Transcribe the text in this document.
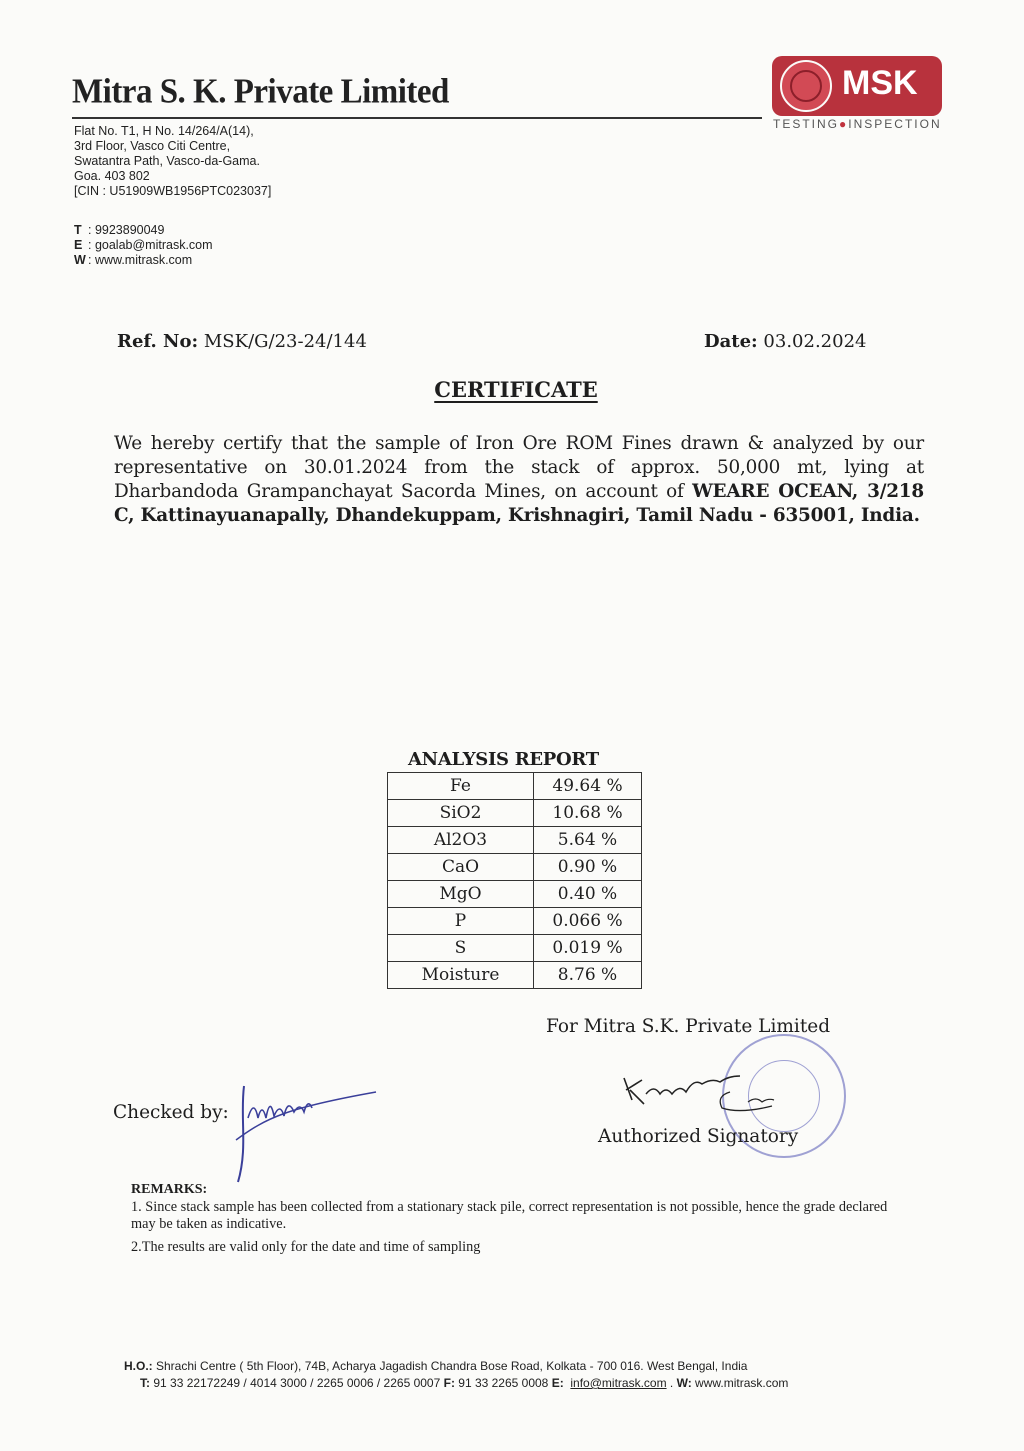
Mitra S. K. Private Limited
Flat No. T1, H No. 14/264/A(14),
3rd Floor, Vasco Citi Centre,
Swatantra Path, Vasco-da-Gama.
Goa. 403 802
[CIN : U51909WB1956PTC023037]
T : 9923890049
E : goalab@mitrask.com
W : www.mitrask.com
MSK
TESTING●INSPECTION
Ref. No: MSK/G/23-24/144	Date: 03.02.2024
CERTIFICATE
We hereby certify that the sample of Iron Ore ROM Fines drawn & analyzed by our representative on 30.01.2024 from the stack of approx. 50,000 mt, lying at Dharbandoda Grampanchayat Sacorda Mines, on account of WEARE OCEAN, 3/218 C, Kattinayuanapally, Dhandekuppam, Krishnagiri, Tamil Nadu - 635001, India.
ANALYSIS REPORT
Fe	49.64 %
SiO2	10.68 %
Al2O3	5.64 %
CaO	0.90 %
MgO	0.40 %
P	0.066 %
S	0.019 %
Moisture	8.76 %
For Mitra S.K. Private Limited
Checked by:
Authorized Signatory
REMARKS:

1. Since stack sample has been collected from a stationary stack pile, correct representation is not possible, hence the grade declared may be taken as indicative.

2.The results are valid only for the date and time of sampling

H.O.: Shrachi Centre ( 5th Floor), 74B, Acharya Jagadish Chandra Bose Road, Kolkata - 700 016. West Bengal, India
T: 91 33 22172249 / 4014 3000 / 2265 0006 / 2265 0007 F: 91 33 2265 0008 E: info@mitrask.com . W: www.mitrask.com
